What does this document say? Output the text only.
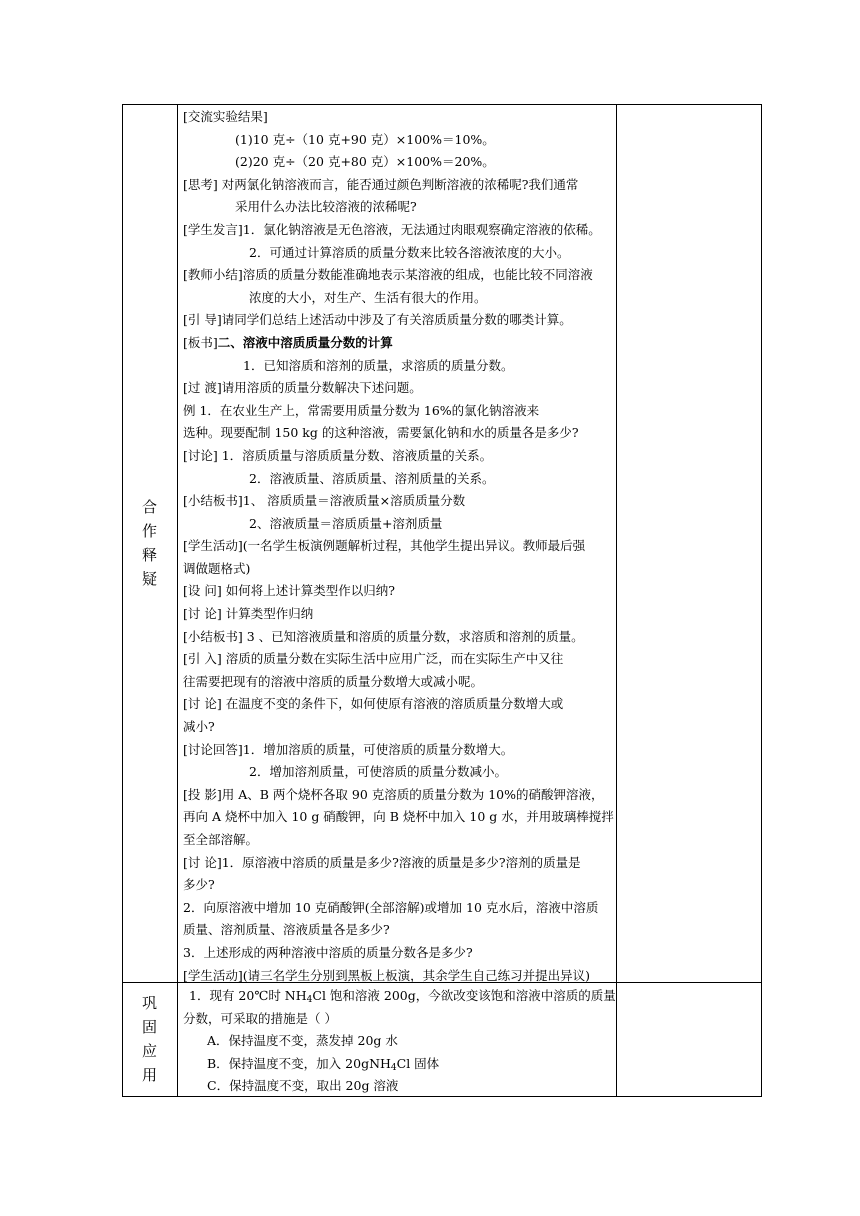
合
作
释
疑
[交流实验结果]
(1)10 克÷（10 克+90 克）×100%＝10%。
(2)20 克÷（20 克+80 克）×100%＝20%。
[思考] 对两氯化钠溶液而言，能否通过颜色判断溶液的浓稀呢?我们通常
采用什么办法比较溶液的浓稀呢?
[学生发言]1．氯化钠溶液是无色溶液，无法通过肉眼观察确定溶液的依稀。
2．可通过计算溶质的质量分数来比较各溶液浓度的大小。
[教师小结]溶质的质量分数能准确地表示某溶液的组成，也能比较不同溶液
浓度的大小，对生产、生活有很大的作用。
[引 导]请同学们总结上述活动中涉及了有关溶质质量分数的哪类计算。
[板书]二、溶液中溶质质量分数的计算
1．已知溶质和溶剂的质量，求溶质的质量分数。
[过 渡]请用溶质的质量分数解决下述问题。
例 1．在农业生产上，常需要用质量分数为 16%的氯化钠溶液来
选种。现要配制 150 kg 的这种溶液，需要氯化钠和水的质量各是多少?
[讨论] 1．溶质质量与溶质质量分数、溶液质量的关系。
2．溶液质量、溶质质量、溶剂质量的关系。
[小结板书]1、 溶质质量＝溶液质量×溶质质量分数
2、溶液质量＝溶质质量+溶剂质量
[学生活动](一名学生板演例题解析过程，其他学生提出异议。教师最后强
调做题格式)
[设 问] 如何将上述计算类型作以归纳?
[讨 论] 计算类型作归纳
[小结板书] 3 、已知溶液质量和溶质的质量分数，求溶质和溶剂的质量。
[引 入] 溶质的质量分数在实际生活中应用广泛，而在实际生产中又往
往需要把现有的溶液中溶质的质量分数增大或减小呢。
[讨 论] 在温度不变的条件下，如何使原有溶液的溶质质量分数增大或
减小?
[讨论回答]1．增加溶质的质量，可使溶质的质量分数增大。
2．增加溶剂质量，可使溶质的质量分数减小。
[投 影]用 A、B 两个烧杯各取 90 克溶质的质量分数为 10%的硝酸钾溶液，
再向 A 烧杯中加入 10 g 硝酸钾，向 B 烧杯中加入 10 g 水，并用玻璃棒搅拌
至全部溶解。
[讨 论]1．原溶液中溶质的质量是多少?溶液的质量是多少?溶剂的质量是
多少?
2．向原溶液中增加 10 克硝酸钾(全部溶解)或增加 10 克水后，溶液中溶质
质量、溶剂质量、溶液质量各是多少?
3．上述形成的两种溶液中溶质的质量分数各是多少?
[学生活动](请三名学生分别到黑板上板演，其余学生自己练习并提出异议)
巩
固
应
用
1．现有 20℃时 $NH_4Cl$ 饱和溶液 200g，今欲改变该饱和溶液中溶质的质量
分数，可采取的措施是（ ）
A．保持温度不变，蒸发掉 20g 水
B．保持温度不变，加入 20gNH$_4$Cl 固体
C．保持温度不变，取出 20g 溶液
